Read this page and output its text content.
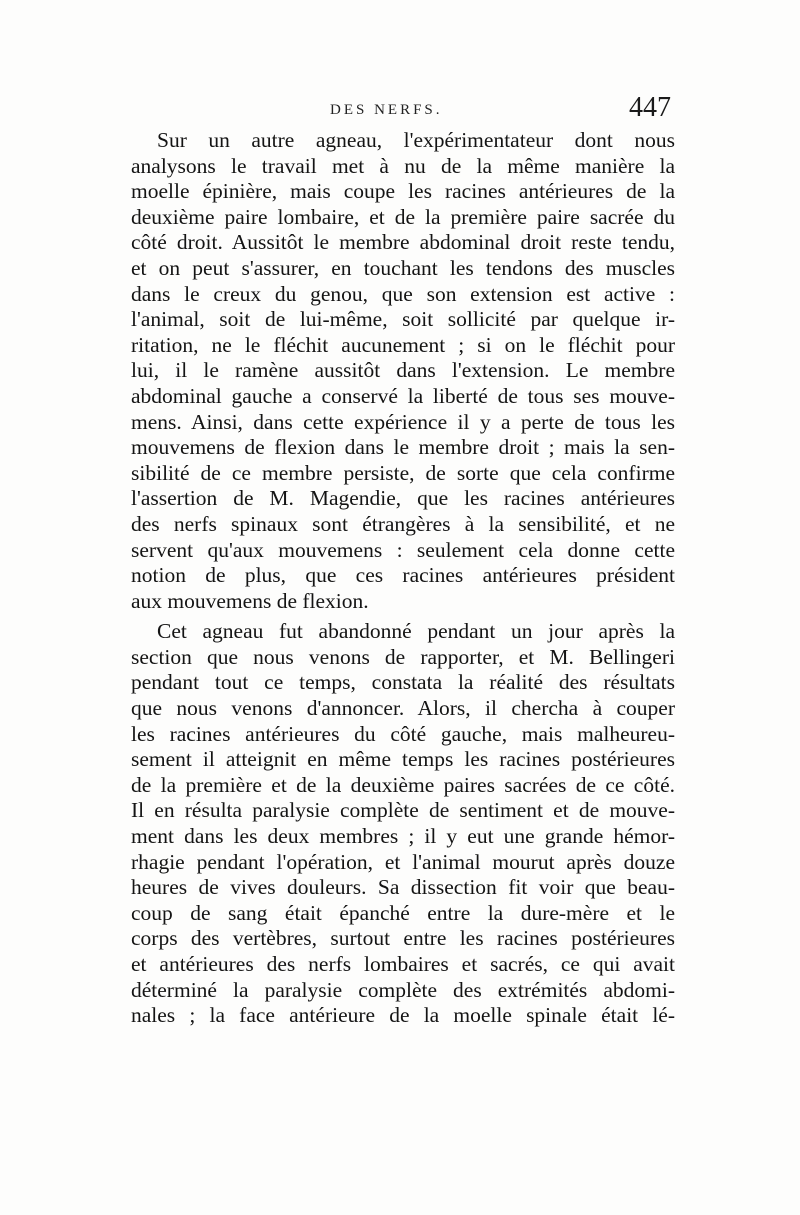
DES NERFS.	447
Sur un autre agneau, l'expérimentateur dont nous
analysons le travail met à nu de la même manière la
moelle épinière, mais coupe les racines antérieures de la
deuxième paire lombaire, et de la première paire sacrée du
côté droit. Aussitôt le membre abdominal droit reste tendu,
et on peut s'assurer, en touchant les tendons des muscles
dans le creux du genou, que son extension est active :
l'animal, soit de lui-même, soit sollicité par quelque ir-
ritation, ne le fléchit aucunement ; si on le fléchit pour
lui, il le ramène aussitôt dans l'extension. Le membre
abdominal gauche a conservé la liberté de tous ses mouve-
mens. Ainsi, dans cette expérience il y a perte de tous les
mouvemens de flexion dans le membre droit ; mais la sen-
sibilité de ce membre persiste, de sorte que cela confirme
l'assertion de M. Magendie, que les racines antérieures
des nerfs spinaux sont étrangères à la sensibilité, et ne
servent qu'aux mouvemens : seulement cela donne cette
notion de plus, que ces racines antérieures président
aux mouvemens de flexion.
Cet agneau fut abandonné pendant un jour après la
section que nous venons de rapporter, et M. Bellingeri
pendant tout ce temps, constata la réalité des résultats
que nous venons d'annoncer. Alors, il chercha à couper
les racines antérieures du côté gauche, mais malheureu-
sement il atteignit en même temps les racines postérieures
de la première et de la deuxième paires sacrées de ce côté.
Il en résulta paralysie complète de sentiment et de mouve-
ment dans les deux membres ; il y eut une grande hémor-
rhagie pendant l'opération, et l'animal mourut après douze
heures de vives douleurs. Sa dissection fit voir que beau-
coup de sang était épanché entre la dure-mère et le
corps des vertèbres, surtout entre les racines postérieures
et antérieures des nerfs lombaires et sacrés, ce qui avait
déterminé la paralysie complète des extrémités abdomi-
nales ; la face antérieure de la moelle spinale était lé-
